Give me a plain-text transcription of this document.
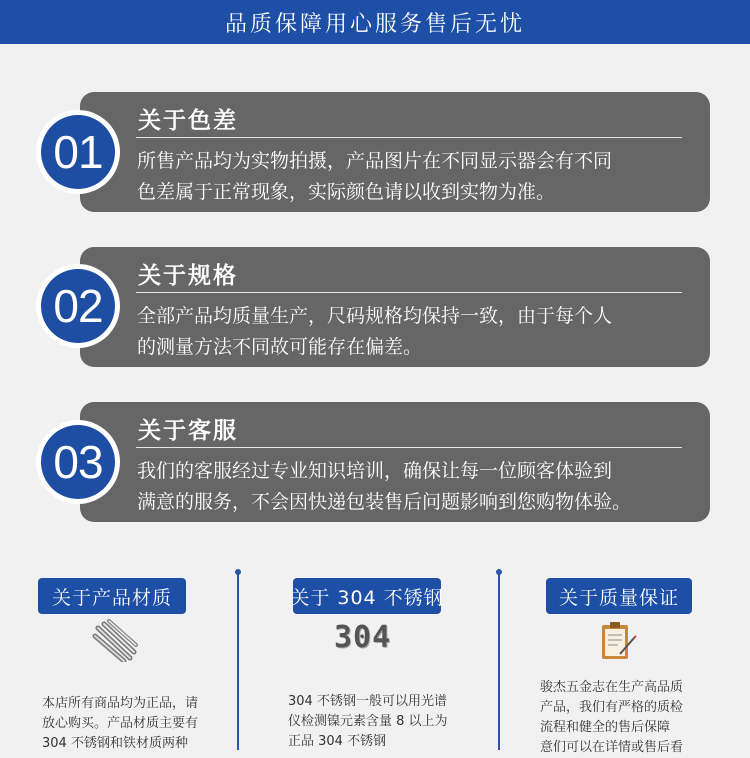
品质保障用心服务售后无忧
关于色差
所售产品均为实物拍摄，产品图片在不同显示器会有不同
色差属于正常现象，实际颜色请以收到实物为准。
01
关于规格
全部产品均质量生产，尺码规格均保持一致，由于每个人
的测量方法不同故可能存在偏差。
02
关于客服
我们的客服经过专业知识培训，确保让每一位顾客体验到
满意的服务，不会因快递包装售后问题影响到您购物体验。
03
关于产品材质
本店所有商品均为正品，请
放心购买。产品材质主要有
304 不锈钢和铁材质两种
关于 304 不锈钢
304
304 不锈钢一般可以用光谱
仪检测镍元素含量 8 以上为
正品 304 不锈钢
关于质量保证
骏杰五金志在生产高品质
产品，我们有严格的质检
流程和健全的售后保障
意们可以在详情或售后看
